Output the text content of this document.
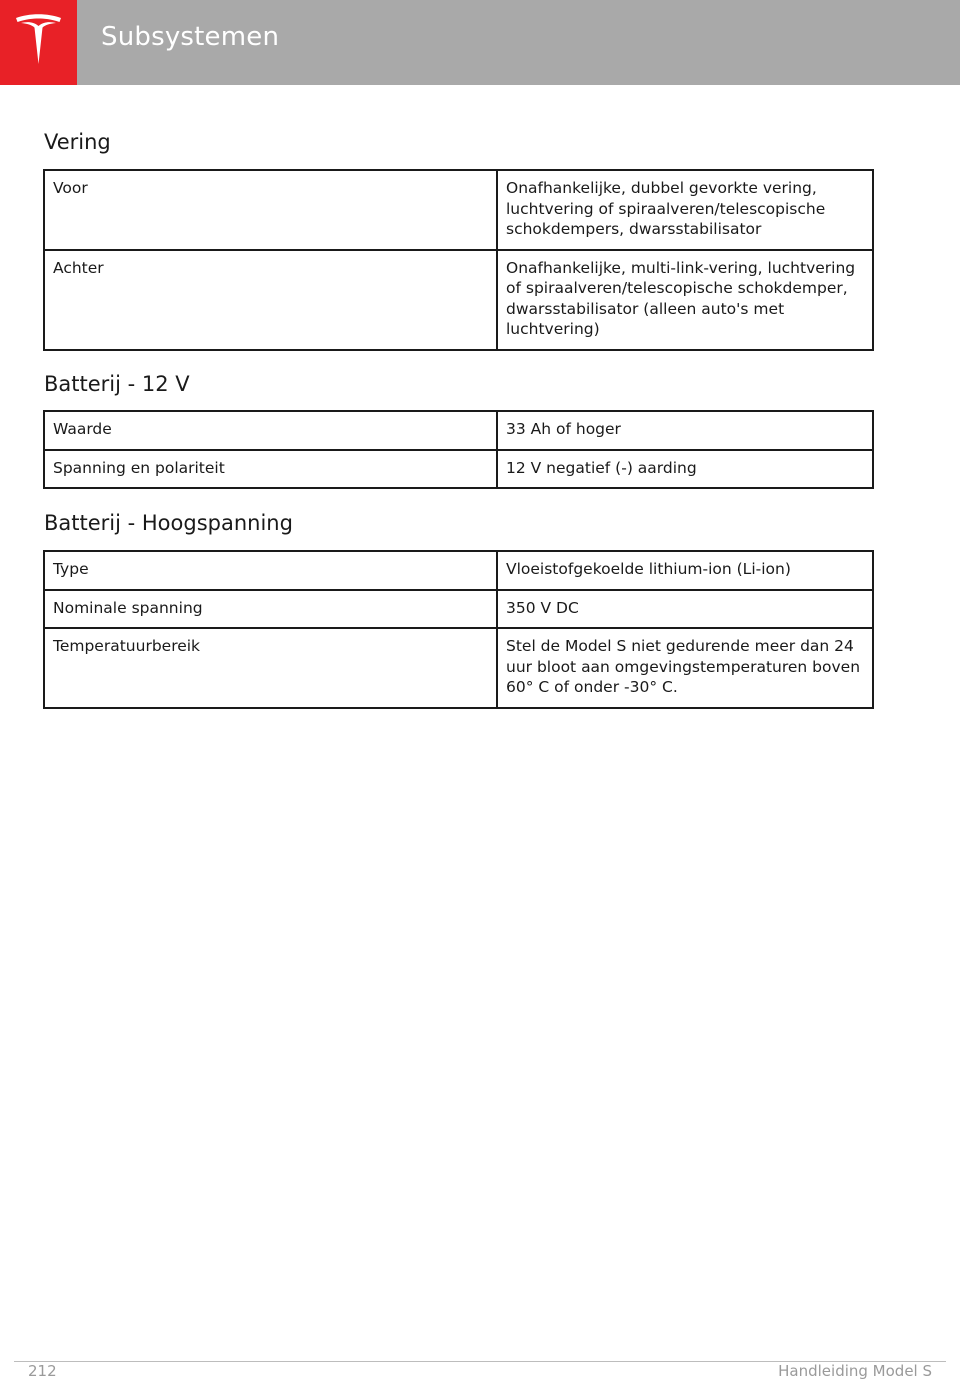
Subsystemen
Vering
Voor	Onafhankelijke, dubbel gevorkte vering, luchtvering of spiraalveren/telescopische schokdempers, dwarsstabilisator
Achter	Onafhankelijke, multi-link-vering, luchtvering of spiraalveren/telescopische schokdemper, dwarsstabilisator (alleen auto's met luchtvering)
Batterij - 12 V
Waarde	33 Ah of hoger
Spanning en polariteit	12 V negatief (-) aarding
Batterij - Hoogspanning
Type	Vloeistofgekoelde lithium-ion (Li-ion)
Nominale spanning	350 V DC
Temperatuurbereik	Stel de Model S niet gedurende meer dan 24 uur bloot aan omgevingstemperaturen boven 60° C of onder -30° C.
212	Handleiding Model S
